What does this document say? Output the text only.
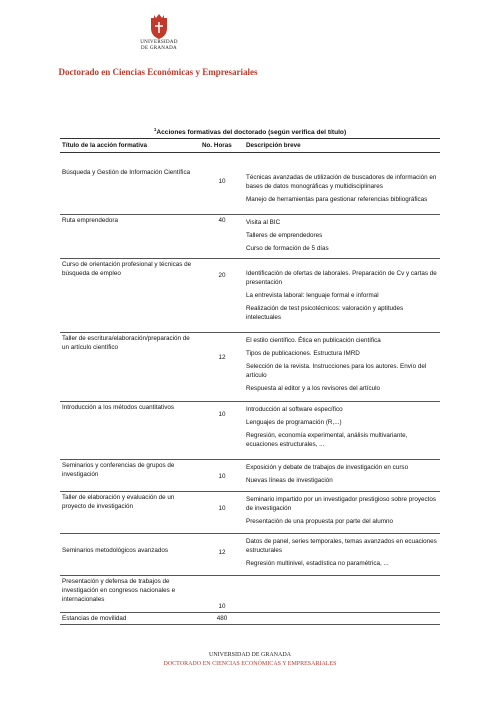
UNIVERSIDAD
DE GRANADA
Doctorado en Ciencias Económicas y Empresariales
$^1$Acciones formativas del doctorado (según verifica del título)
Título de la acción formativa	No. Horas	Descripción breve
Búsqueda y Gestión de Información Científica	10	Técnicas avanzadas de utilización de buscadores de información en bases de datos monográficas y multidisciplinares
Manejo de herramientas para gestionar referencias bibliográficas

Ruta emprendedora	40	Visita al BIC
Talleres de emprendedores
Curso de formación de 5 días

Curso de orientación profesional y técnicas de búsqueda de empleo	20	Identificación de ofertas de laborales. Preparación de Cv y cartas de presentación
La entrevista laboral: lenguaje formal e informal
Realización de test psicotécnicos: valoración y aptitudes intelectuales

Taller de escritura/elaboración/preparación de un artículo científico	12	El estilo científico. Ética en publicación científica
Tipos de publicaciones. Estructura IMRD
Selección de la revista. Instrucciones para los autores. Envío del artículo
Respuesta al editor y a los revisores del artículo

Introducción a los métodos cuantitativos	10	Introducción al software específico
Lenguajes de programación (R,...)
Regresión, economía experimental, análisis multivariante, ecuaciones estructurales, ...

Seminarios y conferencias de grupos de investigación	10	Exposición y debate de trabajos de investigación en curso
Nuevas líneas de investigación

Taller de elaboración y evaluación de un proyecto de investigación	10	Seminario impartido por un investigador prestigioso sobre proyectos de investigación
Presentación de una propuesta por parte del alumno

Seminarios metodológicos avanzados	12	Datos de panel, series temporales, temas avanzados en ecuaciones estructurales
Regresión multinivel, estadística no paramétrica, ...

Presentación y defensa de trabajos de investigación en congresos nacionales e internacionales	10	
Estancias de movilidad	480	
UNIVERSIDAD DE GRANADA
DOCTORADO EN CIENCIAS ECONÓMICAS Y EMPRESARIALES
